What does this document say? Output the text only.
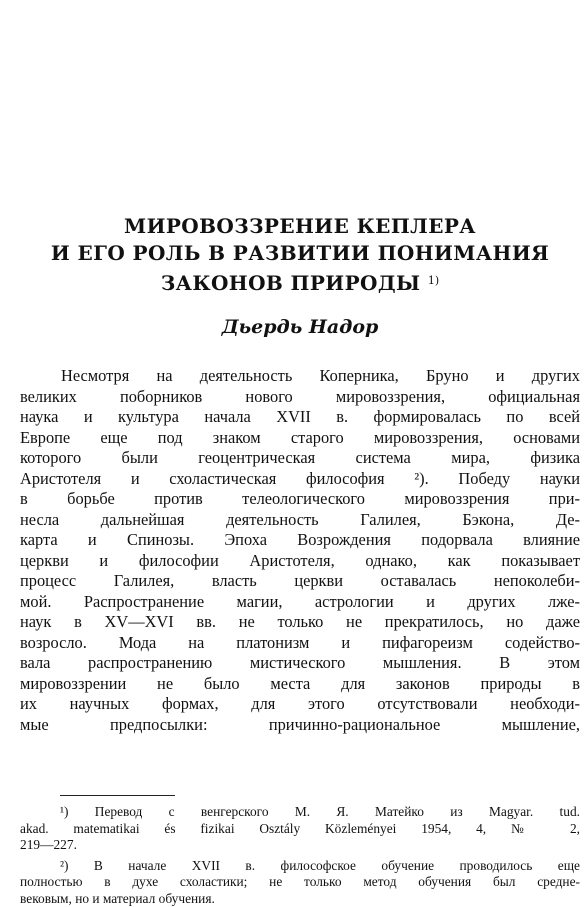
МИРОВОЗЗРЕНИЕ КЕПЛЕРА
И ЕГО РОЛЬ В РАЗВИТИИ ПОНИМАНИЯ
ЗАКОНОВ ПРИРОДЫ $^{1)}$

Дьердь Надор

Несмотря на деятельность Коперника, Бруно и других
великих поборников нового мировоззрения, официальная
наука и культура начала XVII в. формировалась по всей
Европе еще под знаком старого мировоззрения, основами
которого были геоцентрическая система мира, физика
Аристотеля и схоластическая философия ²). Победу науки
в борьбе против телеологического мировоззрения при-
несла дальнейшая деятельность Галилея, Бэкона, Де-
карта и Спинозы. Эпоха Возрождения подорвала влияние
церкви и философии Аристотеля, однако, как показывает
процесс Галилея, власть церкви оставалась непоколеби-
мой. Распространение магии, астрологии и других лже-
наук в XV—XVI вв. не только не прекратилось, но даже
возросло. Мода на платонизм и пифагореизм содейство-
вала распространению мистического мышления. В этом
мировоззрении не было места для законов природы в
их научных формах, для этого отсутствовали необходи-
мые предпосылки: причинно-рациональное мышление,
¹) Перевод с венгерского М. Я. Матейко из Magyar. tud.
akad. matematikai és fizikai Osztály Közleményei 1954, 4, № 2,
219—227.
²) В начале XVII в. философское обучение проводилось еще
полностью в духе схоластики; не только метод обучения был средне-
вековым, но и материал обучения.
